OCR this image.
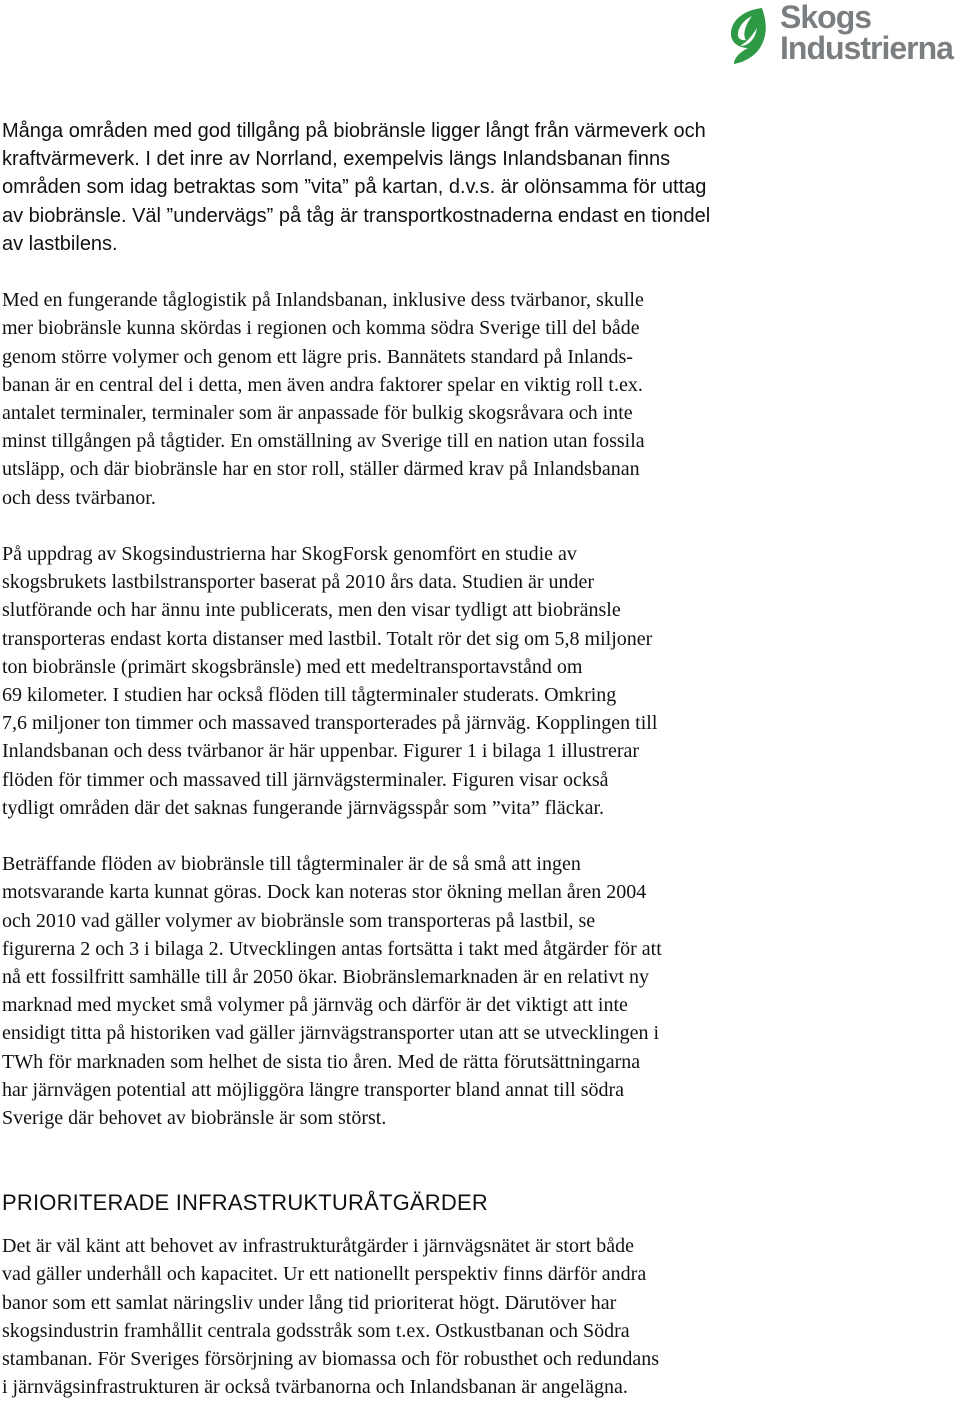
Skogs
Industrierna

Många områden med god tillgång på biobränsle ligger långt från värmeverk och
kraftvärmeverk. I det inre av Norrland, exempelvis längs Inlandsbanan finns
områden som idag betraktas som ”vita” på kartan, d.v.s. är olönsamma för uttag
av biobränsle. Väl ”undervägs” på tåg är transportkostnaderna endast en tiondel
av lastbilens.

Med en fungerande tåglogistik på Inlandsbanan, inklusive dess tvärbanor, skulle
mer biobränsle kunna skördas i regionen och komma södra Sverige till del både
genom större volymer och genom ett lägre pris. Bannätets standard på Inlands-
banan är en central del i detta, men även andra faktorer spelar en viktig roll t.ex.
antalet terminaler, terminaler som är anpassade för bulkig skogsråvara och inte
minst tillgången på tågtider. En omställning av Sverige till en nation utan fossila
utsläpp, och där biobränsle har en stor roll, ställer därmed krav på Inlandsbanan
och dess tvärbanor.

På uppdrag av Skogsindustrierna har SkogForsk genomfört en studie av
skogsbrukets lastbilstransporter baserat på 2010 års data. Studien är under
slutförande och har ännu inte publicerats, men den visar tydligt att biobränsle
transporteras endast korta distanser med lastbil. Totalt rör det sig om 5,8 miljoner
ton biobränsle (primärt skogsbränsle) med ett medeltransportavstånd om
69 kilometer. I studien har också flöden till tågterminaler studerats. Omkring
7,6 miljoner ton timmer och massaved transporterades på järnväg. Kopplingen till
Inlandsbanan och dess tvärbanor är här uppenbar. Figurer 1 i bilaga 1 illustrerar
flöden för timmer och massaved till järnvägsterminaler. Figuren visar också
tydligt områden där det saknas fungerande järnvägsspår som ”vita” fläckar.

Beträffande flöden av biobränsle till tågterminaler är de så små att ingen
motsvarande karta kunnat göras. Dock kan noteras stor ökning mellan åren 2004
och 2010 vad gäller volymer av biobränsle som transporteras på lastbil, se
figurerna 2 och 3 i bilaga 2. Utvecklingen antas fortsätta i takt med åtgärder för att
nå ett fossilfritt samhälle till år 2050 ökar. Biobränslemarknaden är en relativt ny
marknad med mycket små volymer på järnväg och därför är det viktigt att inte
ensidigt titta på historiken vad gäller järnvägstransporter utan att se utvecklingen i
TWh för marknaden som helhet de sista tio åren. Med de rätta förutsättningarna
har järnvägen potential att möjliggöra längre transporter bland annat till södra
Sverige där behovet av biobränsle är som störst.

PRIORITERADE INFRASTRUKTURÅTGÄRDER

Det är väl känt att behovet av infrastrukturåtgärder i järnvägsnätet är stort både
vad gäller underhåll och kapacitet. Ur ett nationellt perspektiv finns därför andra
banor som ett samlat näringsliv under lång tid prioriterat högt. Därutöver har
skogsindustrin framhållit centrala godsstråk som t.ex. Ostkustbanan och Södra
stambanan. För Sveriges försörjning av biomassa och för robusthet och redundans
i järnvägsinfrastrukturen är också tvärbanorna och Inlandsbanan är angelägna.
